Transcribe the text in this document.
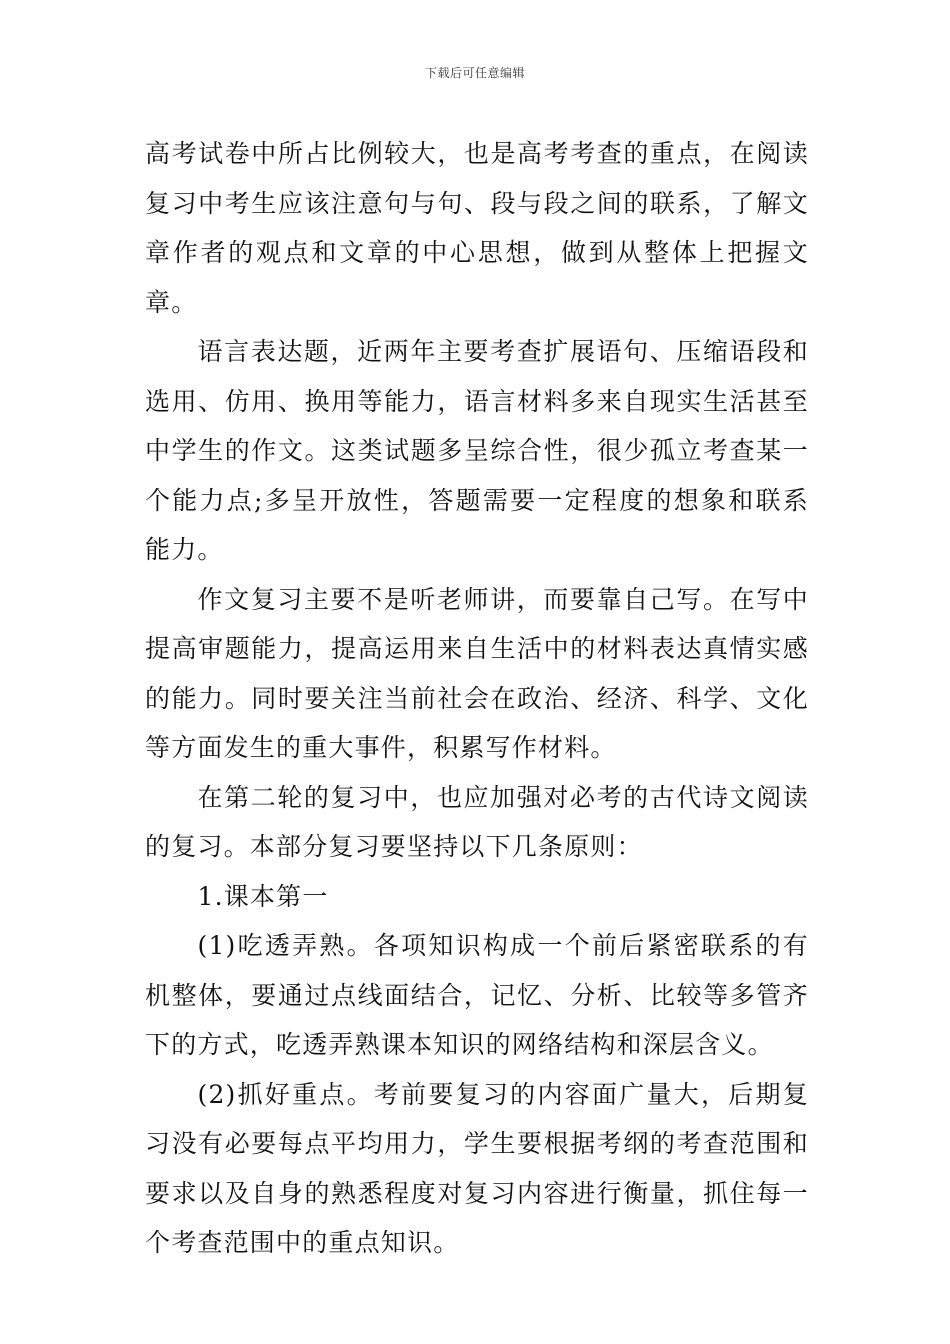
下载后可任意编辑

高考试卷中所占比例较大，也是高考考查的重点，在阅读复习中考生应该注意句与句、段与段之间的联系，了解文章作者的观点和文章的中心思想，做到从整体上把握文章。

语言表达题，近两年主要考查扩展语句、压缩语段和选用、仿用、换用等能力，语言材料多来自现实生活甚至中学生的作文。这类试题多呈综合性，很少孤立考查某一个能力点;多呈开放性，答题需要一定程度的想象和联系能力。

作文复习主要不是听老师讲，而要靠自己写。在写中提高审题能力，提高运用来自生活中的材料表达真情实感的能力。同时要关注当前社会在政治、经济、科学、文化等方面发生的重大事件，积累写作材料。

在第二轮的复习中，也应加强对必考的古代诗文阅读的复习。本部分复习要坚持以下几条原则：

1.课本第一

(1)吃透弄熟。各项知识构成一个前后紧密联系的有机整体，要通过点线面结合，记忆、分析、比较等多管齐下的方式，吃透弄熟课本知识的网络结构和深层含义。

(2)抓好重点。考前要复习的内容面广量大，后期复习没有必要每点平均用力，学生要根据考纲的考查范围和要求以及自身的熟悉程度对复习内容进行衡量，抓住每一个考查范围中的重点知识。
